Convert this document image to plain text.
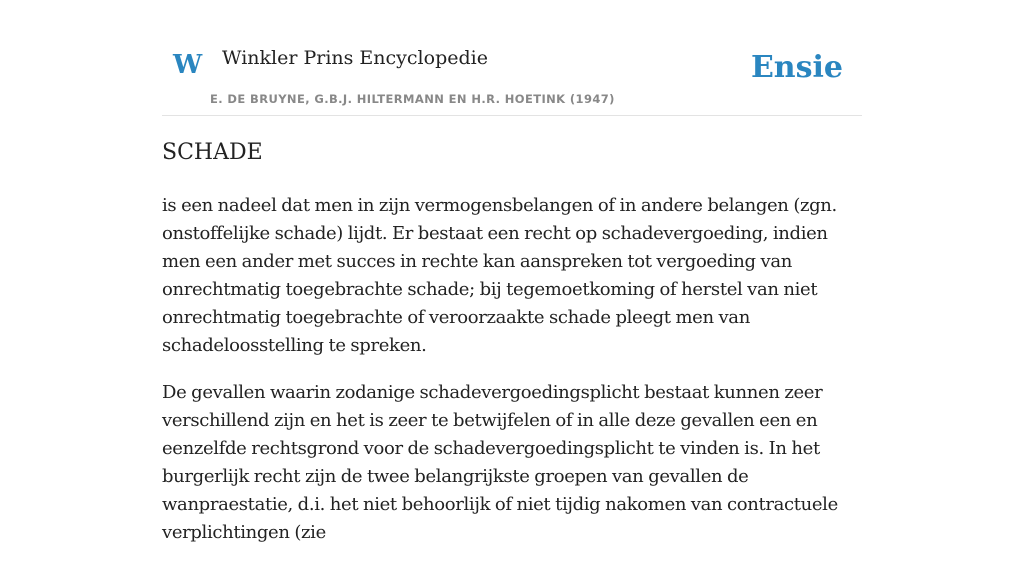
W Winkler Prins Encyclopedie
E. DE BRUYNE, G.B.J. HILTERMANN EN H.R. HOETINK (1947)
Ensie
SCHADE

is een nadeel dat men in zijn vermogensbelangen of in andere belangen (zgn. onstoffelijke schade) lijdt. Er bestaat een recht op schadevergoeding, indien men een ander met succes in rechte kan aanspreken tot vergoeding van onrechtmatig toegebrachte schade; bij tegemoetkoming of herstel van niet onrechtmatig toegebrachte of veroorzaakte schade pleegt men van schadeloosstelling te spreken.

De gevallen waarin zodanige schadevergoedingsplicht bestaat kunnen zeer verschillend zijn en het is zeer te betwijfelen of in alle deze gevallen een en eenzelfde rechtsgrond voor de schadevergoedingsplicht te vinden is. In het burgerlijk recht zijn de twee belangrijkste groepen van gevallen de wanpraestatie, d.i. het niet behoorlijk of niet tijdig nakomen van contractuele verplichtingen (zie
